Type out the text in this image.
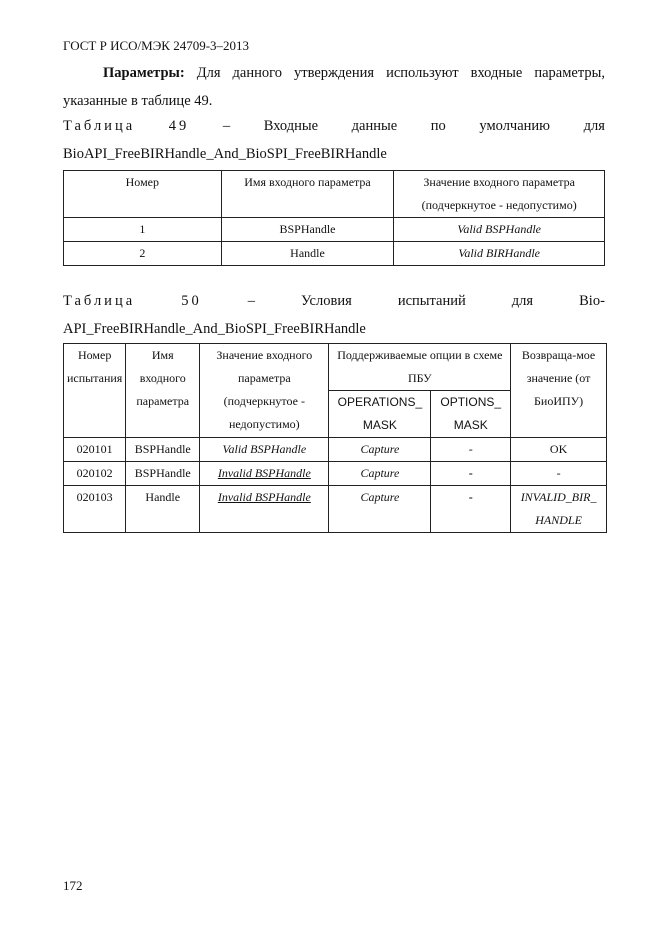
ГОСТ Р ИСО/МЭК 24709-3–2013
Параметры: Для данного утверждения используют входные параметры, указанные в таблице 49.
Таблица 49 – Входные данные по умолчанию для
BioAPI_FreeBIRHandle_And_BioSPI_FreeBIRHandle
Номер	Имя входного параметра	Значение входного параметра (подчеркнутое - недопустимо)
1	BSPHandle	Valid BSPHandle
2	Handle	Valid BIRHandle
Таблица	50	–	Условия	испытаний	для	Bio-
API_FreeBIRHandle_And_BioSPI_FreeBIRHandle
Номер испытания	Имя входного параметра	Значение входного параметра (подчеркнутое - недопустимо)	Поддерживаемые опции в схеме ПБУ		Возвраща-мое значение (от БиоИПУ)
			OPERATIONS_ MASK	OPTIONS_ MASK	
020101	BSPHandle	Valid BSPHandle	Capture	-	OK
020102	BSPHandle	Invalid BSPHandle	Capture	-	-
020103	Handle	Invalid BSPHandle	Capture	-	INVALID_BIR_ HANDLE
172
